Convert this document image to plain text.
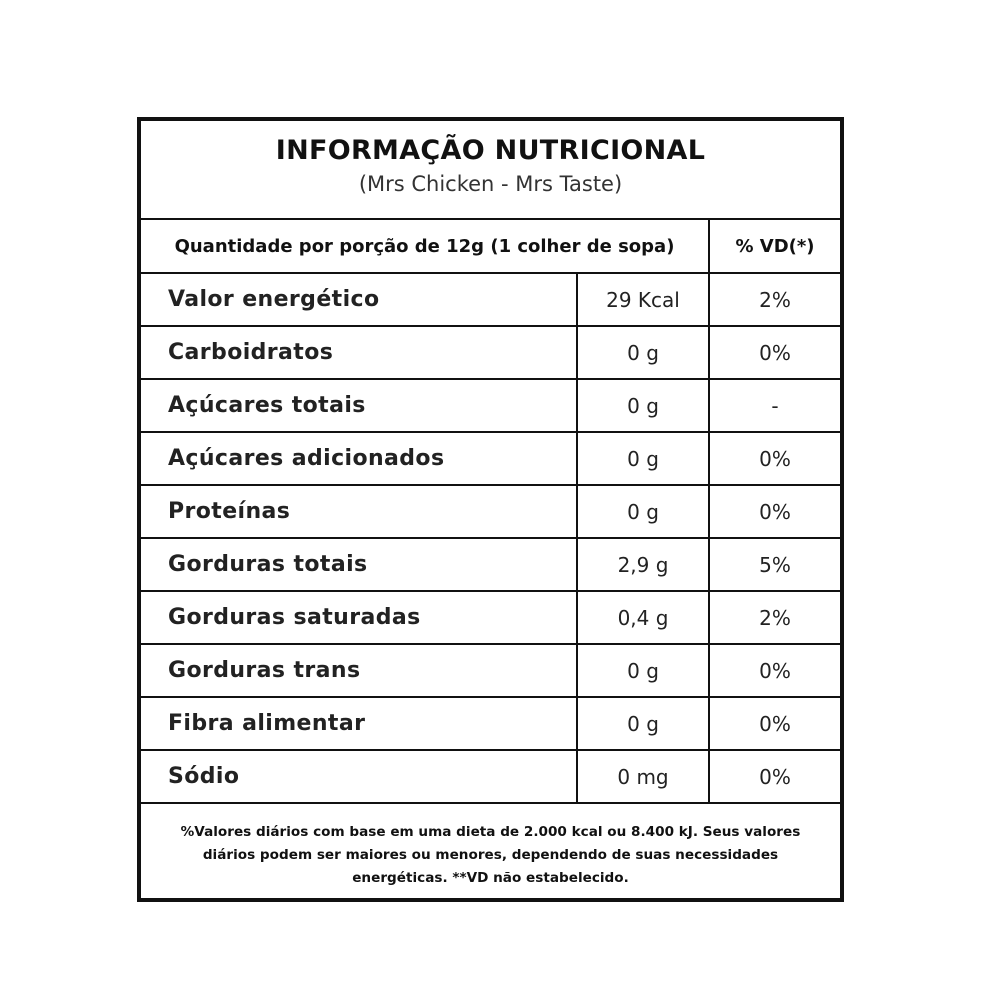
INFORMAÇÃO NUTRICIONAL
(Mrs Chicken - Mrs Taste)
Quantidade por porção de 12g (1 colher de sopa)	% VD(*)
Valor energético	29 Kcal	2%
Carboidratos	0 g	0%
Açúcares totais	0 g	-
Açúcares adicionados	0 g	0%
Proteínas	0 g	0%
Gorduras totais	2,9 g	5%
Gorduras saturadas	0,4 g	2%
Gorduras trans	0 g	0%
Fibra alimentar	0 g	0%
Sódio	0 mg	0%
%Valores diários com base em uma dieta de 2.000 kcal ou 8.400 kJ. Seus valores diários podem ser maiores ou menores, dependendo de suas necessidades energéticas. **VD não estabelecido.
